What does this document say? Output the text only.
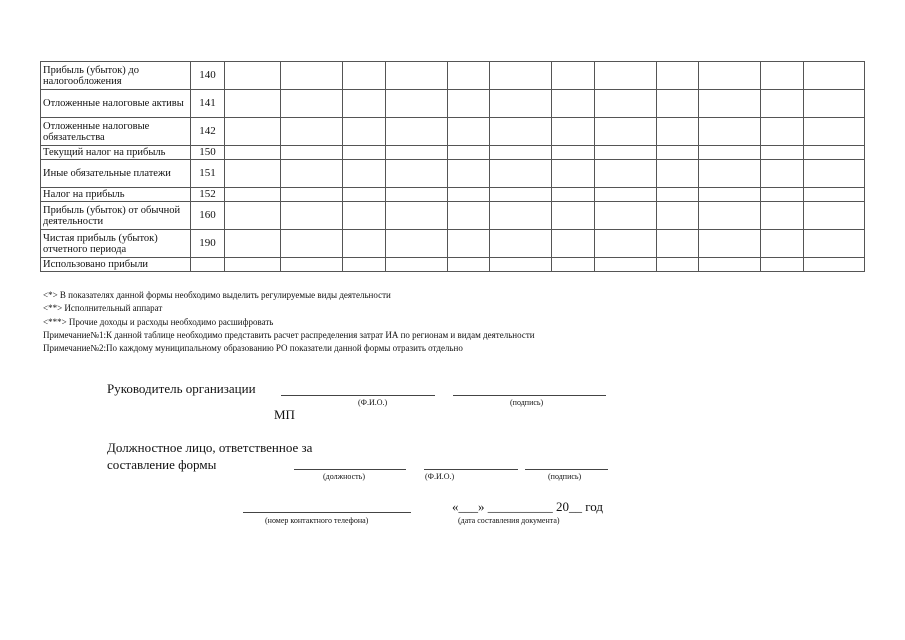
Прибыль (убыток) до налогообложения	140												
Отложенные налоговые активы	141												
Отложенные налоговые обязательства	142												
Текущий налог на прибыль	150												
Иные обязательные платежи	151												
Налог на прибыль	152												
Прибыль (убыток) от обычной деятельности	160												
Чистая прибыль (убыток) отчетного периода	190												
Использовано прибыли													
<*> В показателях данной формы необходимо выделить регулируемые виды деятельности
<**> Исполнительный аппарат
<***> Прочие доходы и расходы необходимо расшифровать
Примечание№1:К данной таблице необходимо представить расчет распределения затрат ИА по регионам и видам деятельности
Примечание№2:По каждому муниципальному образованию РО показатели данной формы отразить отдельно
Руководитель организации
(Ф.И.О.)	(подпись)
МП
Должностное лицо, ответственное за
составление формы
(должность)	(Ф.И.О.)	(подпись)
(номер контактного телефона)
«___» __________ 20__ год
(дата составления документа)
